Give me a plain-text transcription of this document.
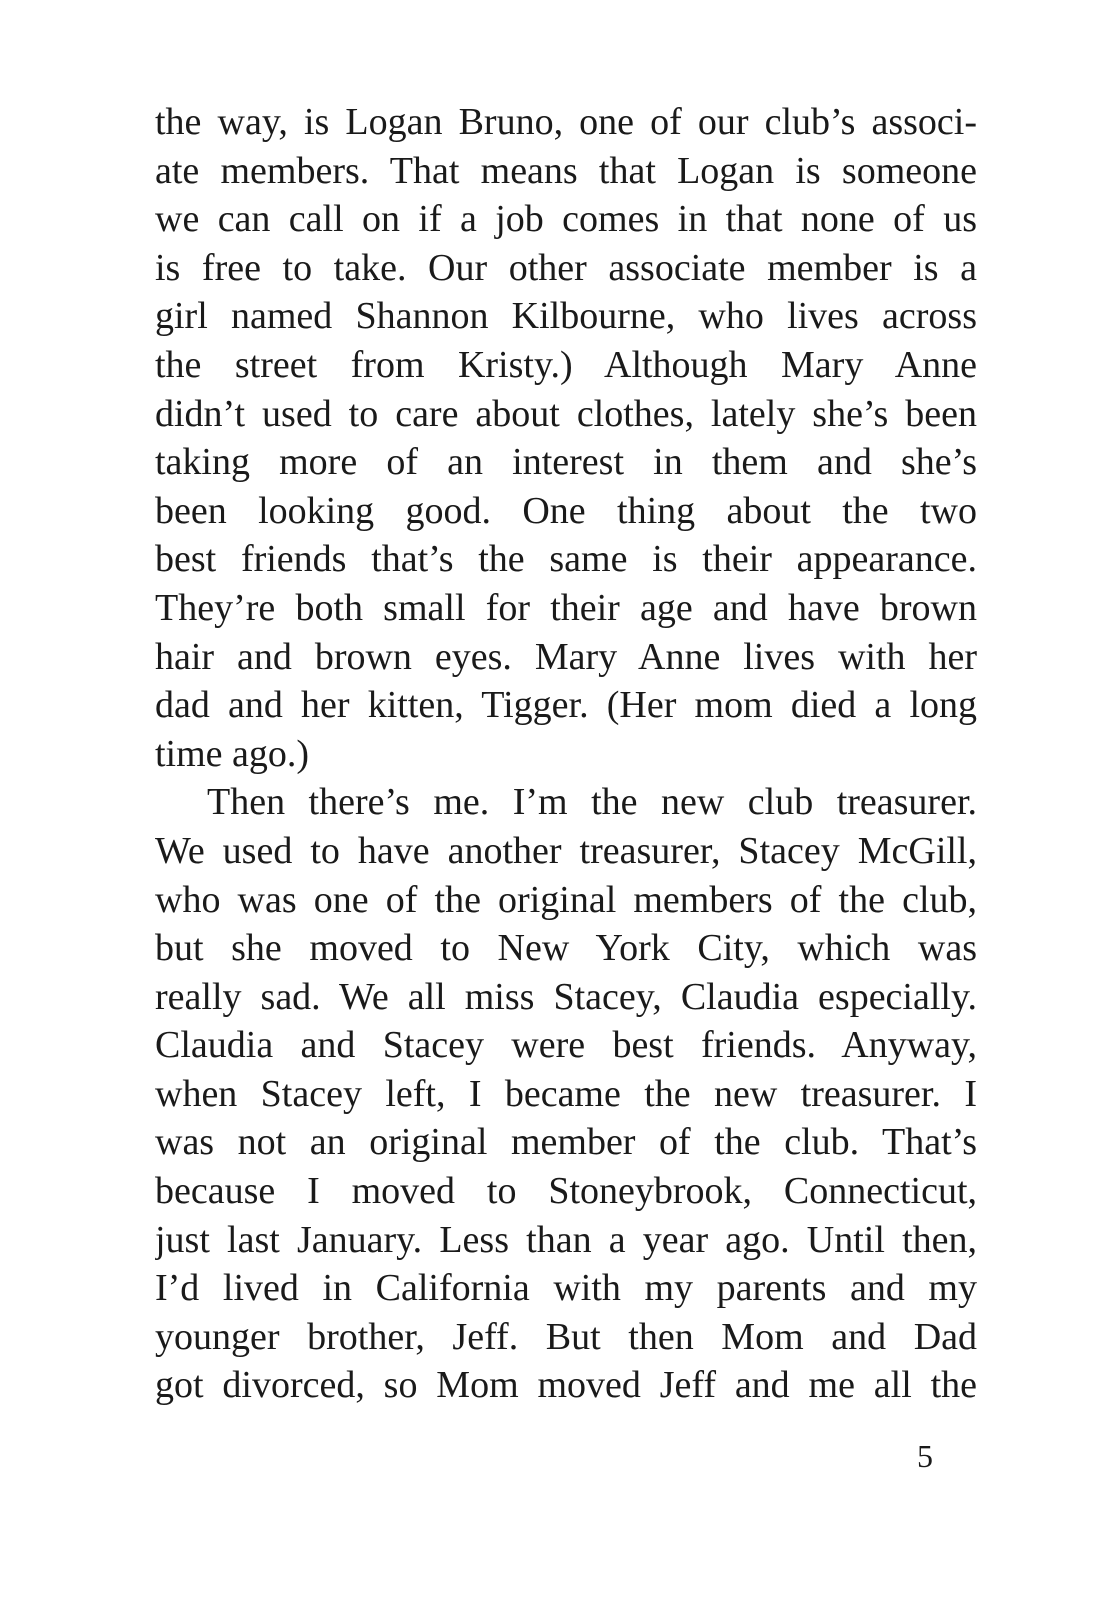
the way, is Logan Bruno, one of our club’s associ-
ate members. That means that Logan is someone
we can call on if a job comes in that none of us
is free to take. Our other associate member is a
girl named Shannon Kilbourne, who lives across
the street from Kristy.) Although Mary Anne
didn’t used to care about clothes, lately she’s been
taking more of an interest in them and she’s
been looking good. One thing about the two
best friends that’s the same is their appearance.
They’re both small for their age and have brown
hair and brown eyes. Mary Anne lives with her
dad and her kitten, Tigger. (Her mom died a long
time ago.)
Then there’s me. I’m the new club treasurer.
We used to have another treasurer, Stacey McGill,
who was one of the original members of the club,
but she moved to New York City, which was
really sad. We all miss Stacey, Claudia especially.
Claudia and Stacey were best friends. Anyway,
when Stacey left, I became the new treasurer. I
was not an original member of the club. That’s
because I moved to Stoneybrook, Connecticut,
just last January. Less than a year ago. Until then,
I’d lived in California with my parents and my
younger brother, Jeff. But then Mom and Dad
got divorced, so Mom moved Jeff and me all the
5
